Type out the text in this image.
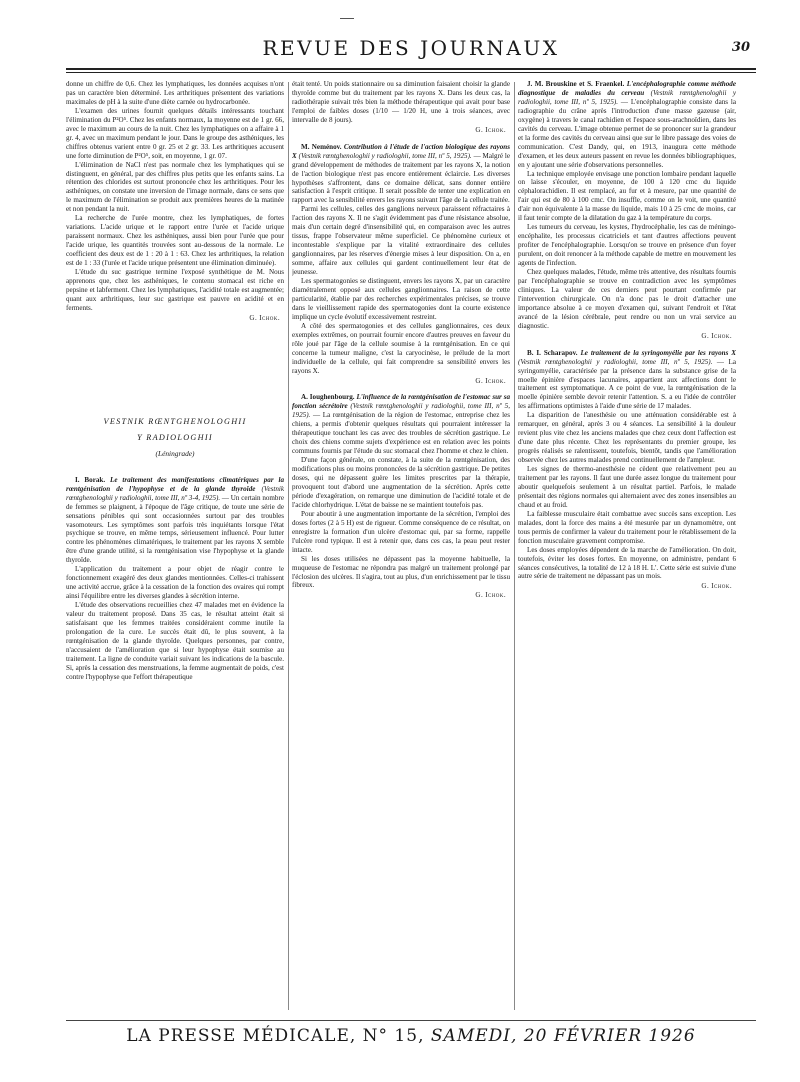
REVUE DES JOURNAUX	30

donne un chiffre de 0,6. Chez les lymphatiques, les données acquises n'ont pas un caractère bien déterminé. Les arthritiques présentent des variations maximales de pH à la suite d'une diète carnée ou hydrocarbonée.

L'examen des urines fournit quelques détails intéressants touchant l'élimination du P²O⁵. Chez les enfants normaux, la moyenne est de 1 gr. 66, avec le maximum au cours de la nuit. Chez les lymphatiques on a affaire à 1 gr. 4, avec un maximum pendant le jour. Dans le groupe des asthéniques, les chiffres obtenus varient entre 0 gr. 25 et 2 gr. 33. Les arthritiques accusent une forte diminution de P²O⁵, soit, en moyenne, 1 gr. 07.

L'élimination de NaCl n'est pas normale chez les lymphatiques qui se distinguent, en général, par des chiffres plus petits que les enfants sains. La rétention des chlorides est surtout prononcée chez les arthritiques. Pour les asthéniques, on constate une inversion de l'image normale, dans ce sens que le maximum de l'élimination se produit aux premières heures de la matinée et non pendant la nuit.

La recherche de l'urée montre, chez les lymphatiques, de fortes variations. L'acide urique et le rapport entre l'urée et l'acide urique paraissent normaux. Chez les asthéniques, aussi bien pour l'urée que pour l'acide urique, les quantités trouvées sont au-dessous de la normale. Le coefficient des deux est de 1 : 20 à 1 : 63. Chez les arthritiques, la relation est de 1 : 33 (l'urée et l'acide urique présentent une élimination diminuée).

L'étude du suc gastrique termine l'exposé synthétique de M. Nous apprenons que, chez les asthéniques, le contenu stomacal est riche en pepsine et labferment. Chez les lymphatiques, l'acidité totale est augmentée; quant aux arthritiques, leur suc gastrique est pauvre en acidité et en ferments.

G. Ichok.
VESTNIK RŒNTGHENOLOGHII
Y RADIOLOGHII
(Léningrade)

I. Borak. Le traitement des manifestations climatériques par la rœntgénisation de l'hypophyse et de la glande thyroïde (Vestnik rœntghenologhii y radiologhii, tome III, nº 3-4, 1925). — Un certain nombre de femmes se plaignent, à l'époque de l'âge critique, de toute une série de sensations pénibles qui sont occasionnées surtout par des troubles vasomoteurs. Les symptômes sont parfois très inquiétants lorsque l'état psychique se trouve, en même temps, sérieusement influencé. Pour lutter contre les phénomènes climatériques, le traitement par les rayons X semble être d'une grande utilité, si la rœntgénisation vise l'hypophyse et la glande thyroïde.

L'application du traitement a pour objet de réagir contre le fonctionnement exagéré des deux glandes mentionnées. Celles-ci trahissent une activité accrue, grâce à la cessation de la fonction des ovaires qui rompt ainsi l'équilibre entre les diverses glandes à sécrétion interne.

L'étude des observations recueillies chez 47 malades met en évidence la valeur du traitement proposé. Dans 35 cas, le résultat atteint était si satisfaisant que les femmes traitées considéraient comme inutile la prolongation de la cure. Le succès était dû, le plus souvent, à la rœntgénisation de la glande thyroïde. Quelques personnes, par contre, n'accusaient de l'amélioration que si leur hypophyse était soumise au traitement. La ligne de conduite variait suivant les indications de la bascule. Si, après la cessation des menstruations, la femme augmentait de poids, c'est contre l'hypophyse que l'effort thérapeutique

était tenté. Un poids stationnaire ou sa diminution faisaient choisir la glande thyroïde comme but du traitement par les rayons X. Dans les deux cas, la radiothérapie suivait très bien la méthode thérapeutique qui avait pour base l'emploi de faibles doses (1/10 — 1/20 H, une à trois séances, avec intervalle de 8 jours).

G. Ichok.

M. Neménov. Contribution à l'étude de l'action biologique des rayons X (Vestnik rœntghenologhii y radiologhii, tome III, nº 5, 1925). — Malgré le grand développement de méthodes de traitement par les rayons X, la notion de l'action biologique n'est pas encore entièrement éclaircie. Les diverses hypothèses s'affrontent, dans ce domaine délicat, sans donner entière satisfaction à l'esprit critique. Il serait possible de tenter une explication en rapport avec la sensibilité envers les rayons suivant l'âge de la cellule traitée.

Parmi les cellules, celles des ganglions nerveux paraissent réfractaires à l'action des rayons X. Il ne s'agit évidemment pas d'une résistance absolue, mais d'un certain degré d'insensibilité qui, en comparaison avec les autres tissus, frappe l'observateur même superficiel. Ce phénomène curieux et incontestable s'explique par la vitalité extraordinaire des cellules ganglionnaires, par les réserves d'énergie mises à leur disposition. On a, en somme, affaire aux cellules qui gardent continuellement leur état de jeunesse.

Les spermatogonies se distinguent, envers les rayons X, par un caractère diamétralement opposé aux cellules ganglionnaires. La raison de cette particularité, établie par des recherches expérimentales précises, se trouve dans le vieillissement rapide des spermatogonies dont la courte existence implique un cycle évolutif excessivement restreint.

A côté des spermatogonies et des cellules ganglionnaires, ces deux exemples extrêmes, on pourrait fournir encore d'autres preuves en faveur du rôle joué par l'âge de la cellule soumise à la rœntgénisation. En ce qui concerne la tumeur maligne, c'est la caryocinèse, le prélude de la mort individuelle de la cellule, qui fait comprendre sa sensibilité envers les rayons X.

G. Ichok.

A. Ioughenbourg. L'influence de la rœntgénisation de l'estomac sur sa fonction sécrétoire (Vestnik rœntghenologhii y radiologhii, tome III, nº 5, 1925). — La rœntgénisation de la région de l'estomac, entreprise chez les chiens, a permis d'obtenir quelques résultats qui pourraient intéresser la thérapeutique touchant les cas avec des troubles de sécrétion gastrique. Le choix des chiens comme sujets d'expérience est en relation avec les points communs fournis par l'étude du suc stomacal chez l'homme et chez le chien.

D'une façon générale, on constate, à la suite de la rœntgénisation, des modifications plus ou moins prononcées de la sécrétion gastrique. De petites doses, qui ne dépassent guère les limites prescrites par la thérapie, provoquent tout d'abord une augmentation de la sécrétion. Après cette période d'exagération, on remarque une diminution de l'acidité totale et de l'acide chlorhydrique. L'état de baisse ne se maintient toutefois pas.

Pour aboutir à une augmentation importante de la sécrétion, l'emploi des doses fortes (2 à 5 H) est de rigueur. Comme conséquence de ce résultat, on enregistre la formation d'un ulcère d'estomac qui, par sa forme, rappelle l'ulcère rond typique. Il est à retenir que, dans ces cas, la peau peut rester intacte.

Si les doses utilisées ne dépassent pas la moyenne habituelle, la muqueuse de l'estomac ne répondra pas malgré un traitement prolongé par l'éclosion des ulcères. Il s'agira, tout au plus, d'un enrichissement par le tissu fibreux.

G. Ichok.

J. M. Brouskine et S. Fraenkel. L'encéphalographie comme méthode diagnostique de maladies du cerveau (Vestnik rœntghenologhii y radiologhii, tome III, nº 5, 1925). — L'encéphalographie consiste dans la radiographie du crâne après l'introduction d'une masse gazeuse (air, oxygène) à travers le canal rachidien et l'espace sous-arachnoïdien, dans les cavités du cerveau. L'image obtenue permet de se prononcer sur la grandeur et la forme des cavités du cerveau ainsi que sur le libre passage des voies de communication. C'est Dandy, qui, en 1913, inaugura cette méthode d'examen, et les deux auteurs passent en revue les données bibliographiques, en y ajoutant une série d'observations personnelles.

La technique employée envisage une ponction lombaire pendant laquelle on laisse s'écouler, en moyenne, de 100 à 120 cmc du liquide céphalorachidien. Il est remplacé, au fur et à mesure, par une quantité de l'air qui est de 80 à 100 cmc. On insuffle, comme on le voit, une quantité d'air non équivalente à la masse du liquide, mais 10 à 25 cmc de moins, car il faut tenir compte de la dilatation du gaz à la température du corps.

Les tumeurs du cerveau, les kystes, l'hydrocéphalie, les cas de méningo-encéphalite, les processus cicatriciels et tant d'autres affections peuvent profiter de l'encéphalographie. Lorsqu'on se trouve en présence d'un foyer purulent, on doit renoncer à la méthode capable de mettre en mouvement les agents de l'infection.

Chez quelques malades, l'étude, même très attentive, des résultats fournis par l'encéphalographie se trouve en contradiction avec les symptômes cliniques. La valeur de ces derniers peut pourtant confirmée par l'intervention chirurgicale. On n'a donc pas le droit d'attacher une importance absolue à ce moyen d'examen qui, suivant l'endroit et l'état avancé de la lésion cérébrale, peut rendre ou non un vrai service au diagnostic.

G. Ichok.

B. I. Scharapov. Le traitement de la syringomyélie par les rayons X (Vestnik rœntghenologhii y radiologhii, tome III, nº 5, 1925). — La syringomyélie, caractérisée par la présence dans la substance grise de la moelle épinière d'espaces lacunaires, appartient aux affections dont le traitement est symptomatique. A ce point de vue, la rœntgénisation de la moelle épinière semble devoir retenir l'attention. S. a eu l'idée de contrôler les affirmations optimistes à l'aide d'une série de 17 malades.

La disparition de l'anesthésie ou une atténuation considérable est à remarquer, en général, après 3 ou 4 séances. La sensibilité à la douleur revient plus vite chez les anciens malades que chez ceux dont l'affection est d'une date plus récente. Chez les représentants du premier groupe, les progrès réalisés se ralentissent, toutefois, bientôt, tandis que l'amélioration observée chez les autres malades prend continuellement de l'ampleur.

Les signes de thermo-anesthésie ne cèdent que relativement peu au traitement par les rayons. Il faut une durée assez longue du traitement pour aboutir quelquefois seulement à un résultat partiel. Parfois, le malade présentait des régions normales qui alternaient avec des zones insensibles au chaud et au froid.

La faiblesse musculaire était combattue avec succès sans exception. Les malades, dont la force des mains a été mesurée par un dynamomètre, ont tous permis de confirmer la valeur du traitement pour le rétablissement de la fonction musculaire gravement compromise.

Les doses employées dépendent de la marche de l'amélioration. On doit, toutefois, éviter les doses fortes. En moyenne, on administre, pendant 6 séances consécutives, la totalité de 12 à 18 H. L'. Cette série est suivie d'une autre série de traitement ne dépassant pas un mois.

G. Ichok.
LA PRESSE MÉDICALE, N° 15, SAMEDI, 20 FÉVRIER 1926
